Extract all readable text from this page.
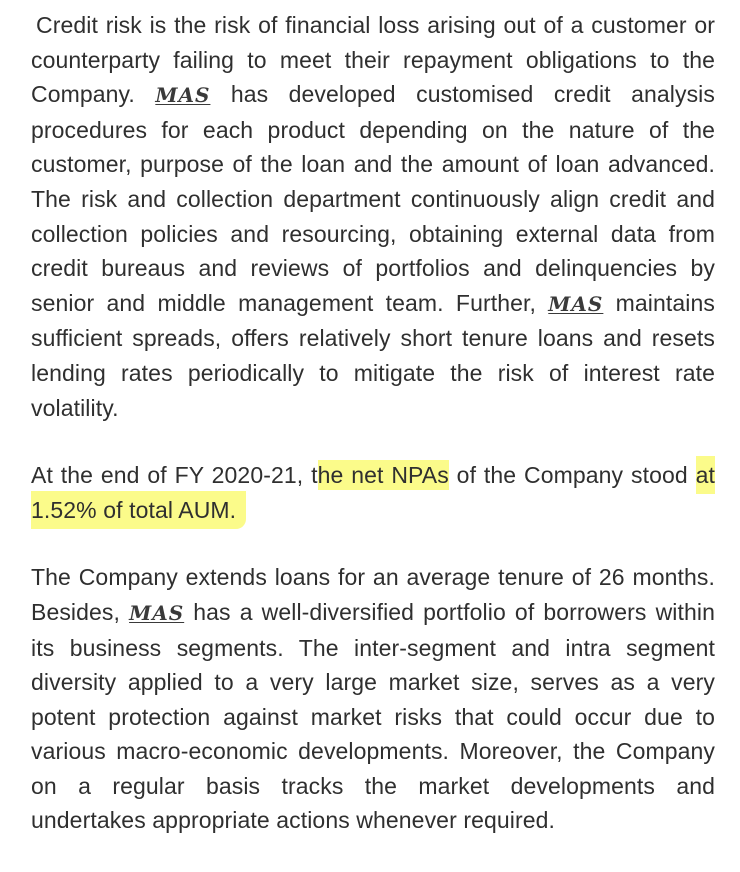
Credit risk is the risk of financial loss arising out of a customer or counterparty failing to meet their repayment obligations to the Company. MAS has developed customised credit analysis procedures for each product depending on the nature of the customer, purpose of the loan and the amount of loan advanced. The risk and collection department continuously align credit and collection policies and resourcing, obtaining external data from credit bureaus and reviews of portfolios and delinquencies by senior and middle management team. Further, MAS maintains sufficient spreads, offers relatively short tenure loans and resets lending rates periodically to mitigate the risk of interest rate volatility.

At the end of FY 2020-21, the net NPAs of the Company stood at 1.52% of total AUM.

The Company extends loans for an average tenure of 26 months. Besides, MAS has a well-diversified portfolio of borrowers within its business segments. The inter-segment and intra segment diversity applied to a very large market size, serves as a very potent protection against market risks that could occur due to various macro-economic developments. Moreover, the Company on a regular basis tracks the market developments and undertakes appropriate actions whenever required.
